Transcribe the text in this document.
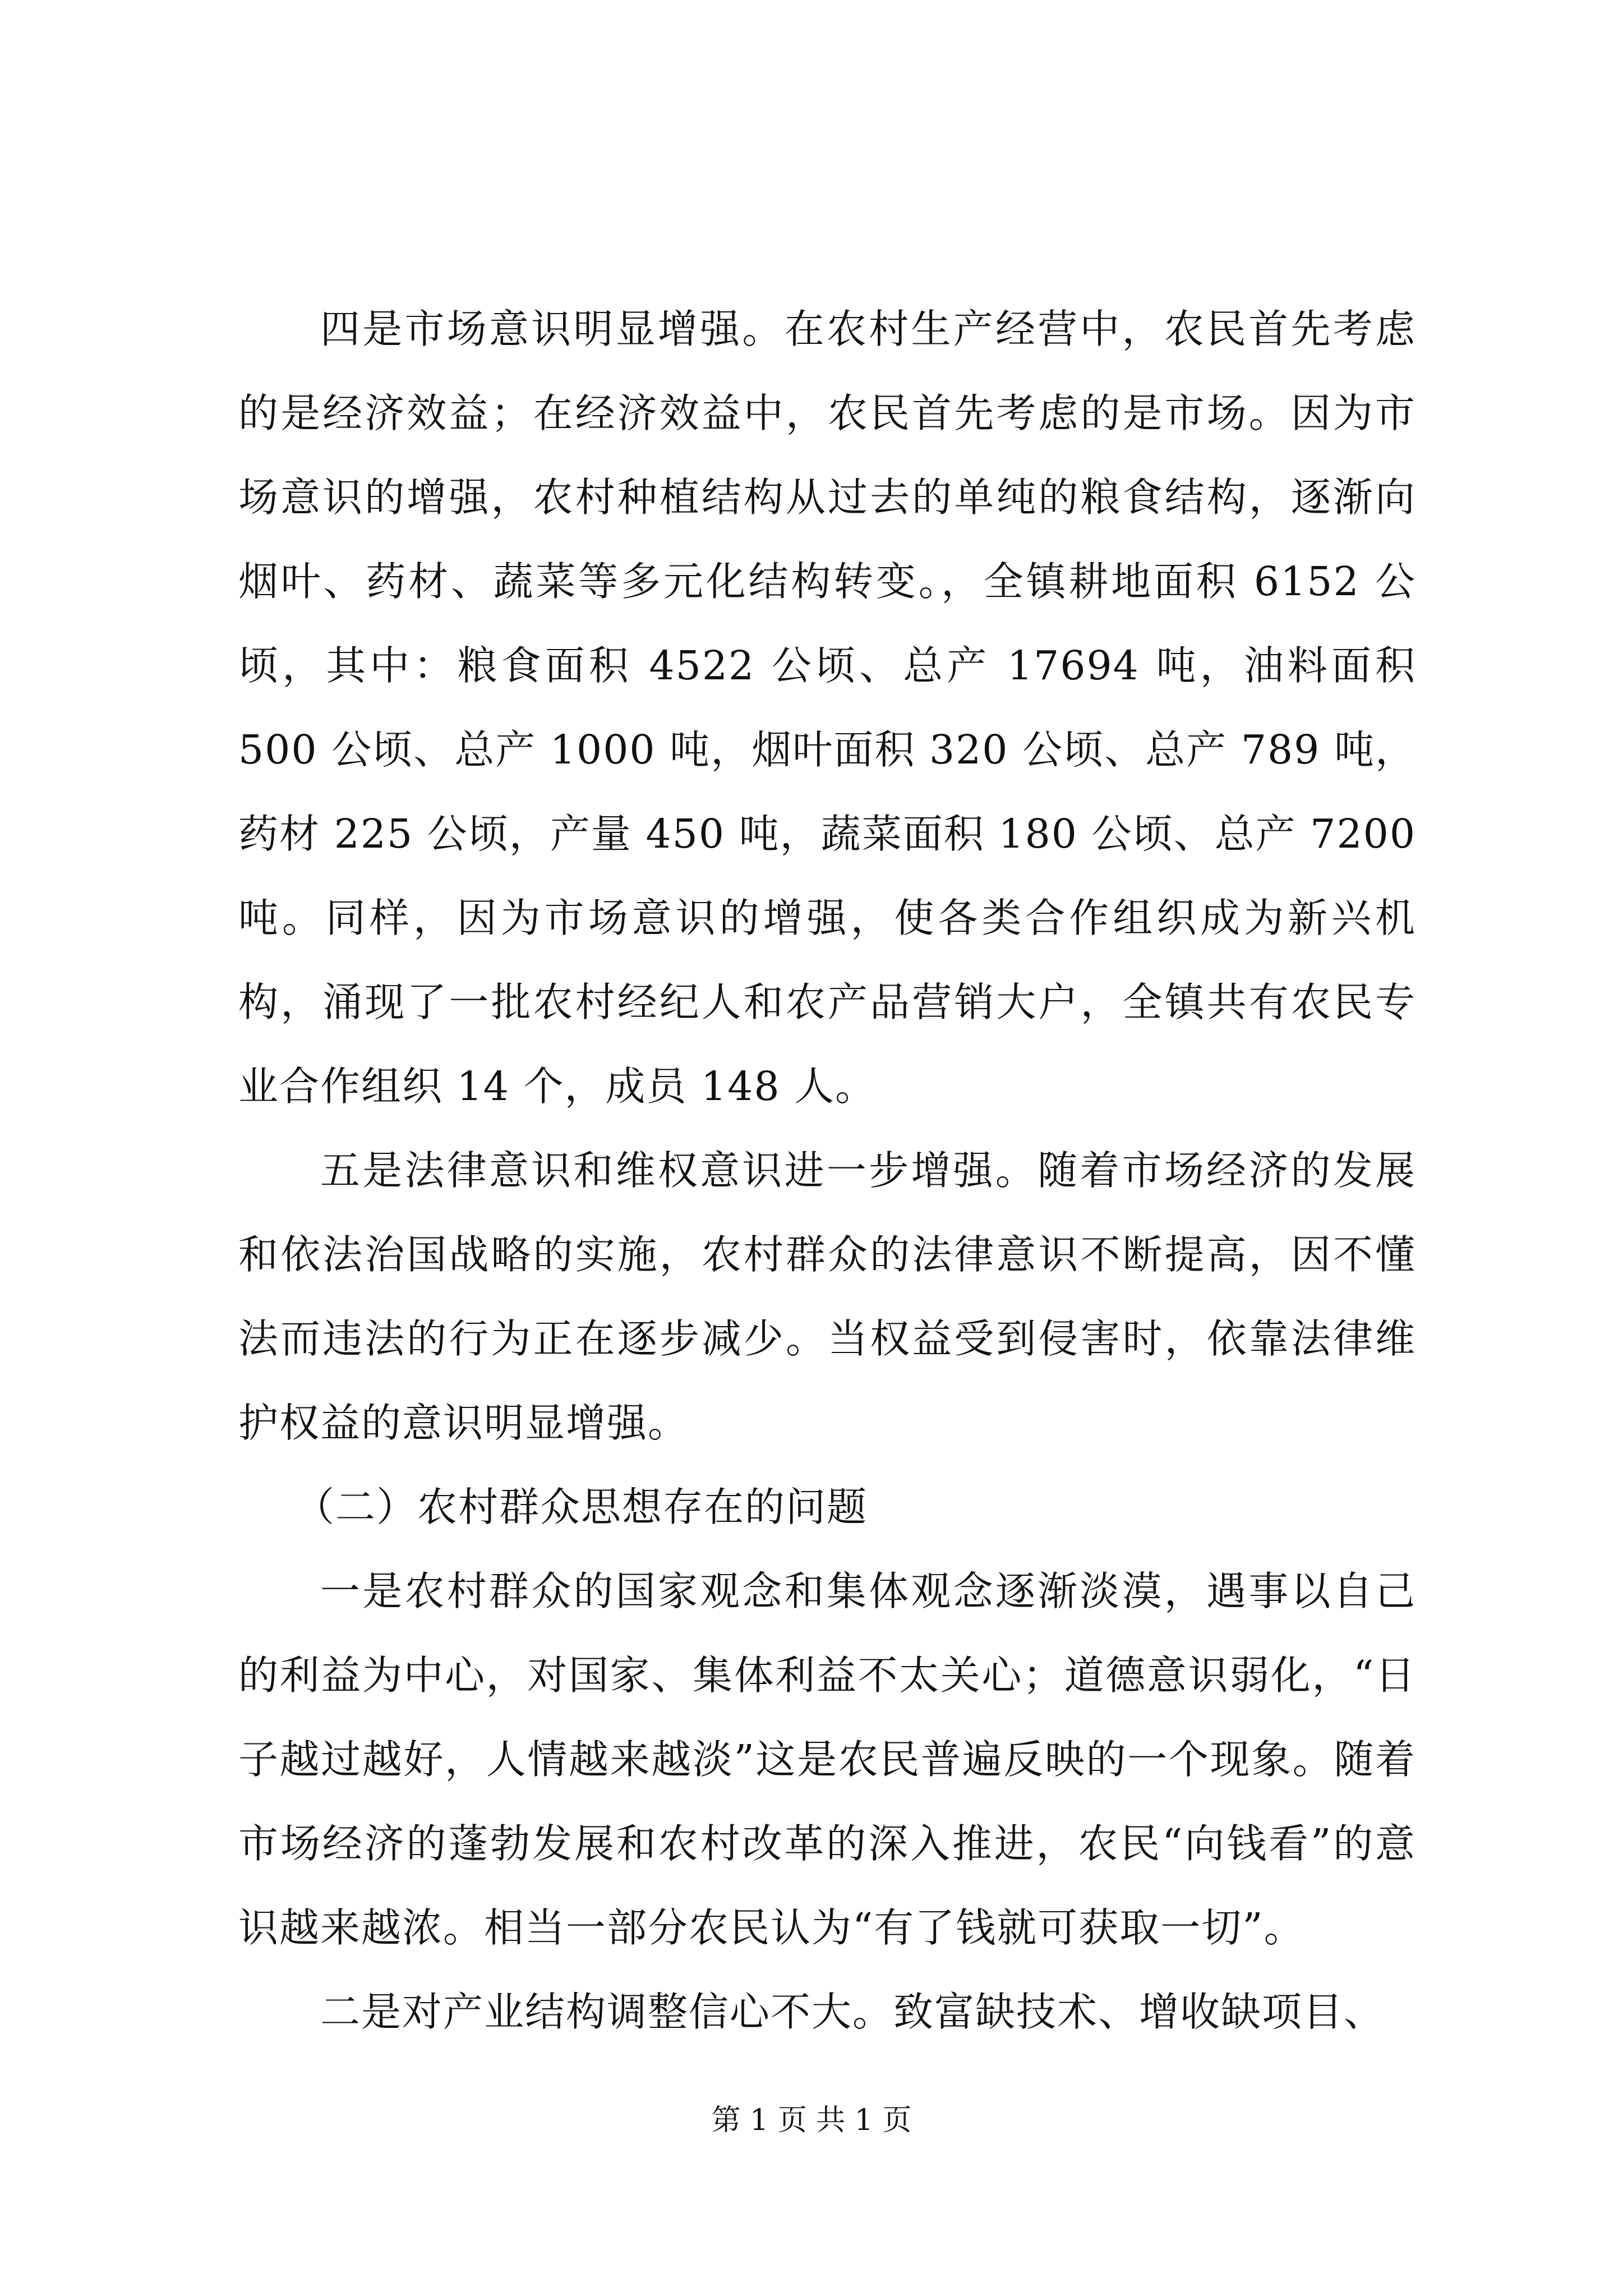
四是市场意识明显增强。在农村生产经营中，农民首先考虑的是经济效益；在经济效益中，农民首先考虑的是市场。因为市场意识的增强，农村种植结构从过去的单纯的粮食结构，逐渐向烟叶、药材、蔬菜等多元化结构转变。，全镇耕地面积 6152 公顷，其中：粮食面积 4522 公顷、总产 17694 吨，油料面积 500 公顷、总产 1000 吨，烟叶面积 320 公顷、总产 789 吨，药材 225 公顷，产量 450 吨，蔬菜面积 180 公顷、总产 7200 吨。同样，因为市场意识的增强，使各类合作组织成为新兴机构，涌现了一批农村经纪人和农产品营销大户，全镇共有农民专业合作组织 14 个，成员 148 人。

五是法律意识和维权意识进一步增强。随着市场经济的发展和依法治国战略的实施，农村群众的法律意识不断提高，因不懂法而违法的行为正在逐步减少。当权益受到侵害时，依靠法律维护权益的意识明显增强。

（二）农村群众思想存在的问题

一是农村群众的国家观念和集体观念逐渐淡漠，遇事以自己的利益为中心，对国家、集体利益不太关心；道德意识弱化，“日子越过越好，人情越来越淡”这是农民普遍反映的一个现象。随着市场经济的蓬勃发展和农村改革的深入推进，农民“向钱看”的意识越来越浓。相当一部分农民认为“有了钱就可获取一切”。

二是对产业结构调整信心不大。致富缺技术、增收缺项目、

第 1 页 共 1 页
